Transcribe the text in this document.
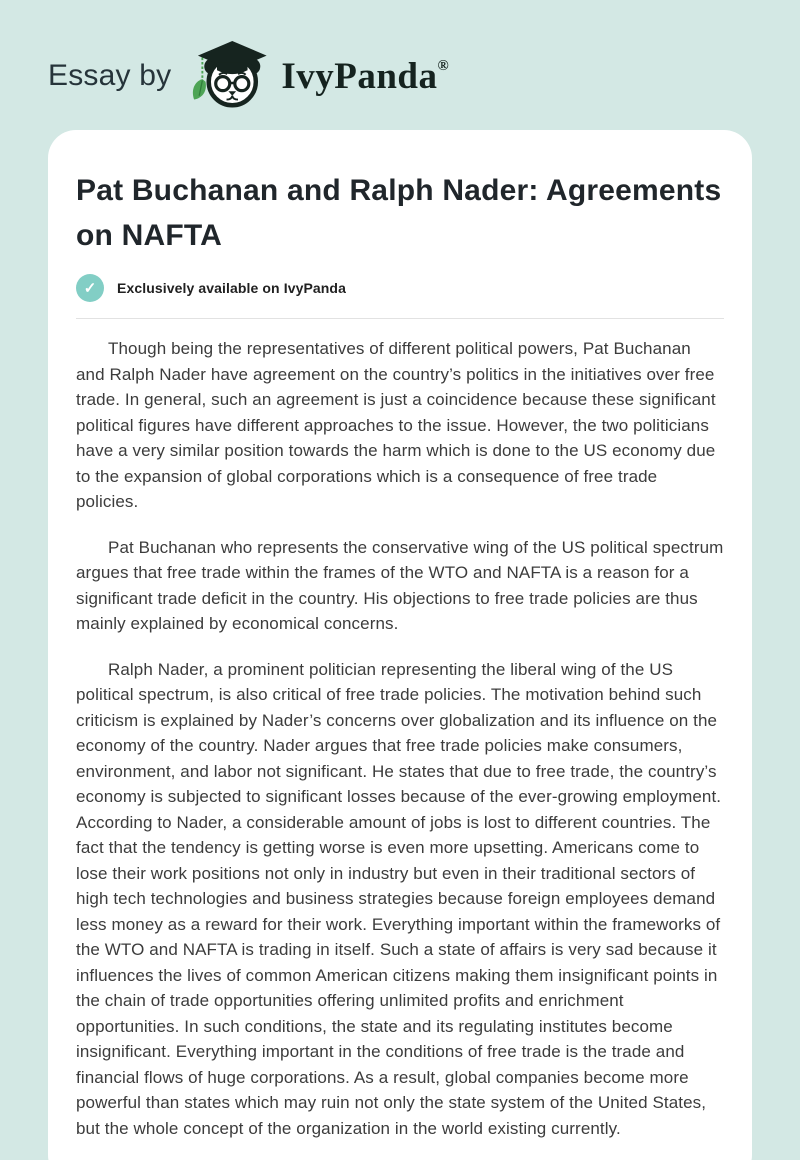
Essay by	IvyPanda®
Pat Buchanan and Ralph Nader: Agreements on NAFTA
✓	Exclusively available on IvyPanda

Though being the representatives of different political powers, Pat Buchanan and Ralph Nader have agreement on the country’s politics in the initiatives over free trade. In general, such an agreement is just a coincidence because these significant political figures have different approaches to the issue. However, the two politicians have a very similar position towards the harm which is done to the US economy due to the expansion of global corporations which is a consequence of free trade policies.

Pat Buchanan who represents the conservative wing of the US political spectrum argues that free trade within the frames of the WTO and NAFTA is a reason for a significant trade deficit in the country. His objections to free trade policies are thus mainly explained by economical concerns.

Ralph Nader, a prominent politician representing the liberal wing of the US political spectrum, is also critical of free trade policies. The motivation behind such criticism is explained by Nader’s concerns over globalization and its influence on the economy of the country. Nader argues that free trade policies make consumers, environment, and labor not significant. He states that due to free trade, the country’s economy is subjected to significant losses because of the ever-growing employment. According to Nader, a considerable amount of jobs is lost to different countries. The fact that the tendency is getting worse is even more upsetting. Americans come to lose their work positions not only in industry but even in their traditional sectors of high tech technologies and business strategies because foreign employees demand less money as a reward for their work. Everything important within the frameworks of the WTO and NAFTA is trading in itself. Such a state of affairs is very sad because it influences the lives of common American citizens making them insignificant points in the chain of trade opportunities offering unlimited profits and enrichment opportunities. In such conditions, the state and its regulating institutes become insignificant. Everything important in the conditions of free trade is the trade and financial flows of huge corporations. As a result, global companies become more powerful than states which may ruin not only the state system of the United States, but the whole concept of the organization in the world existing currently.
